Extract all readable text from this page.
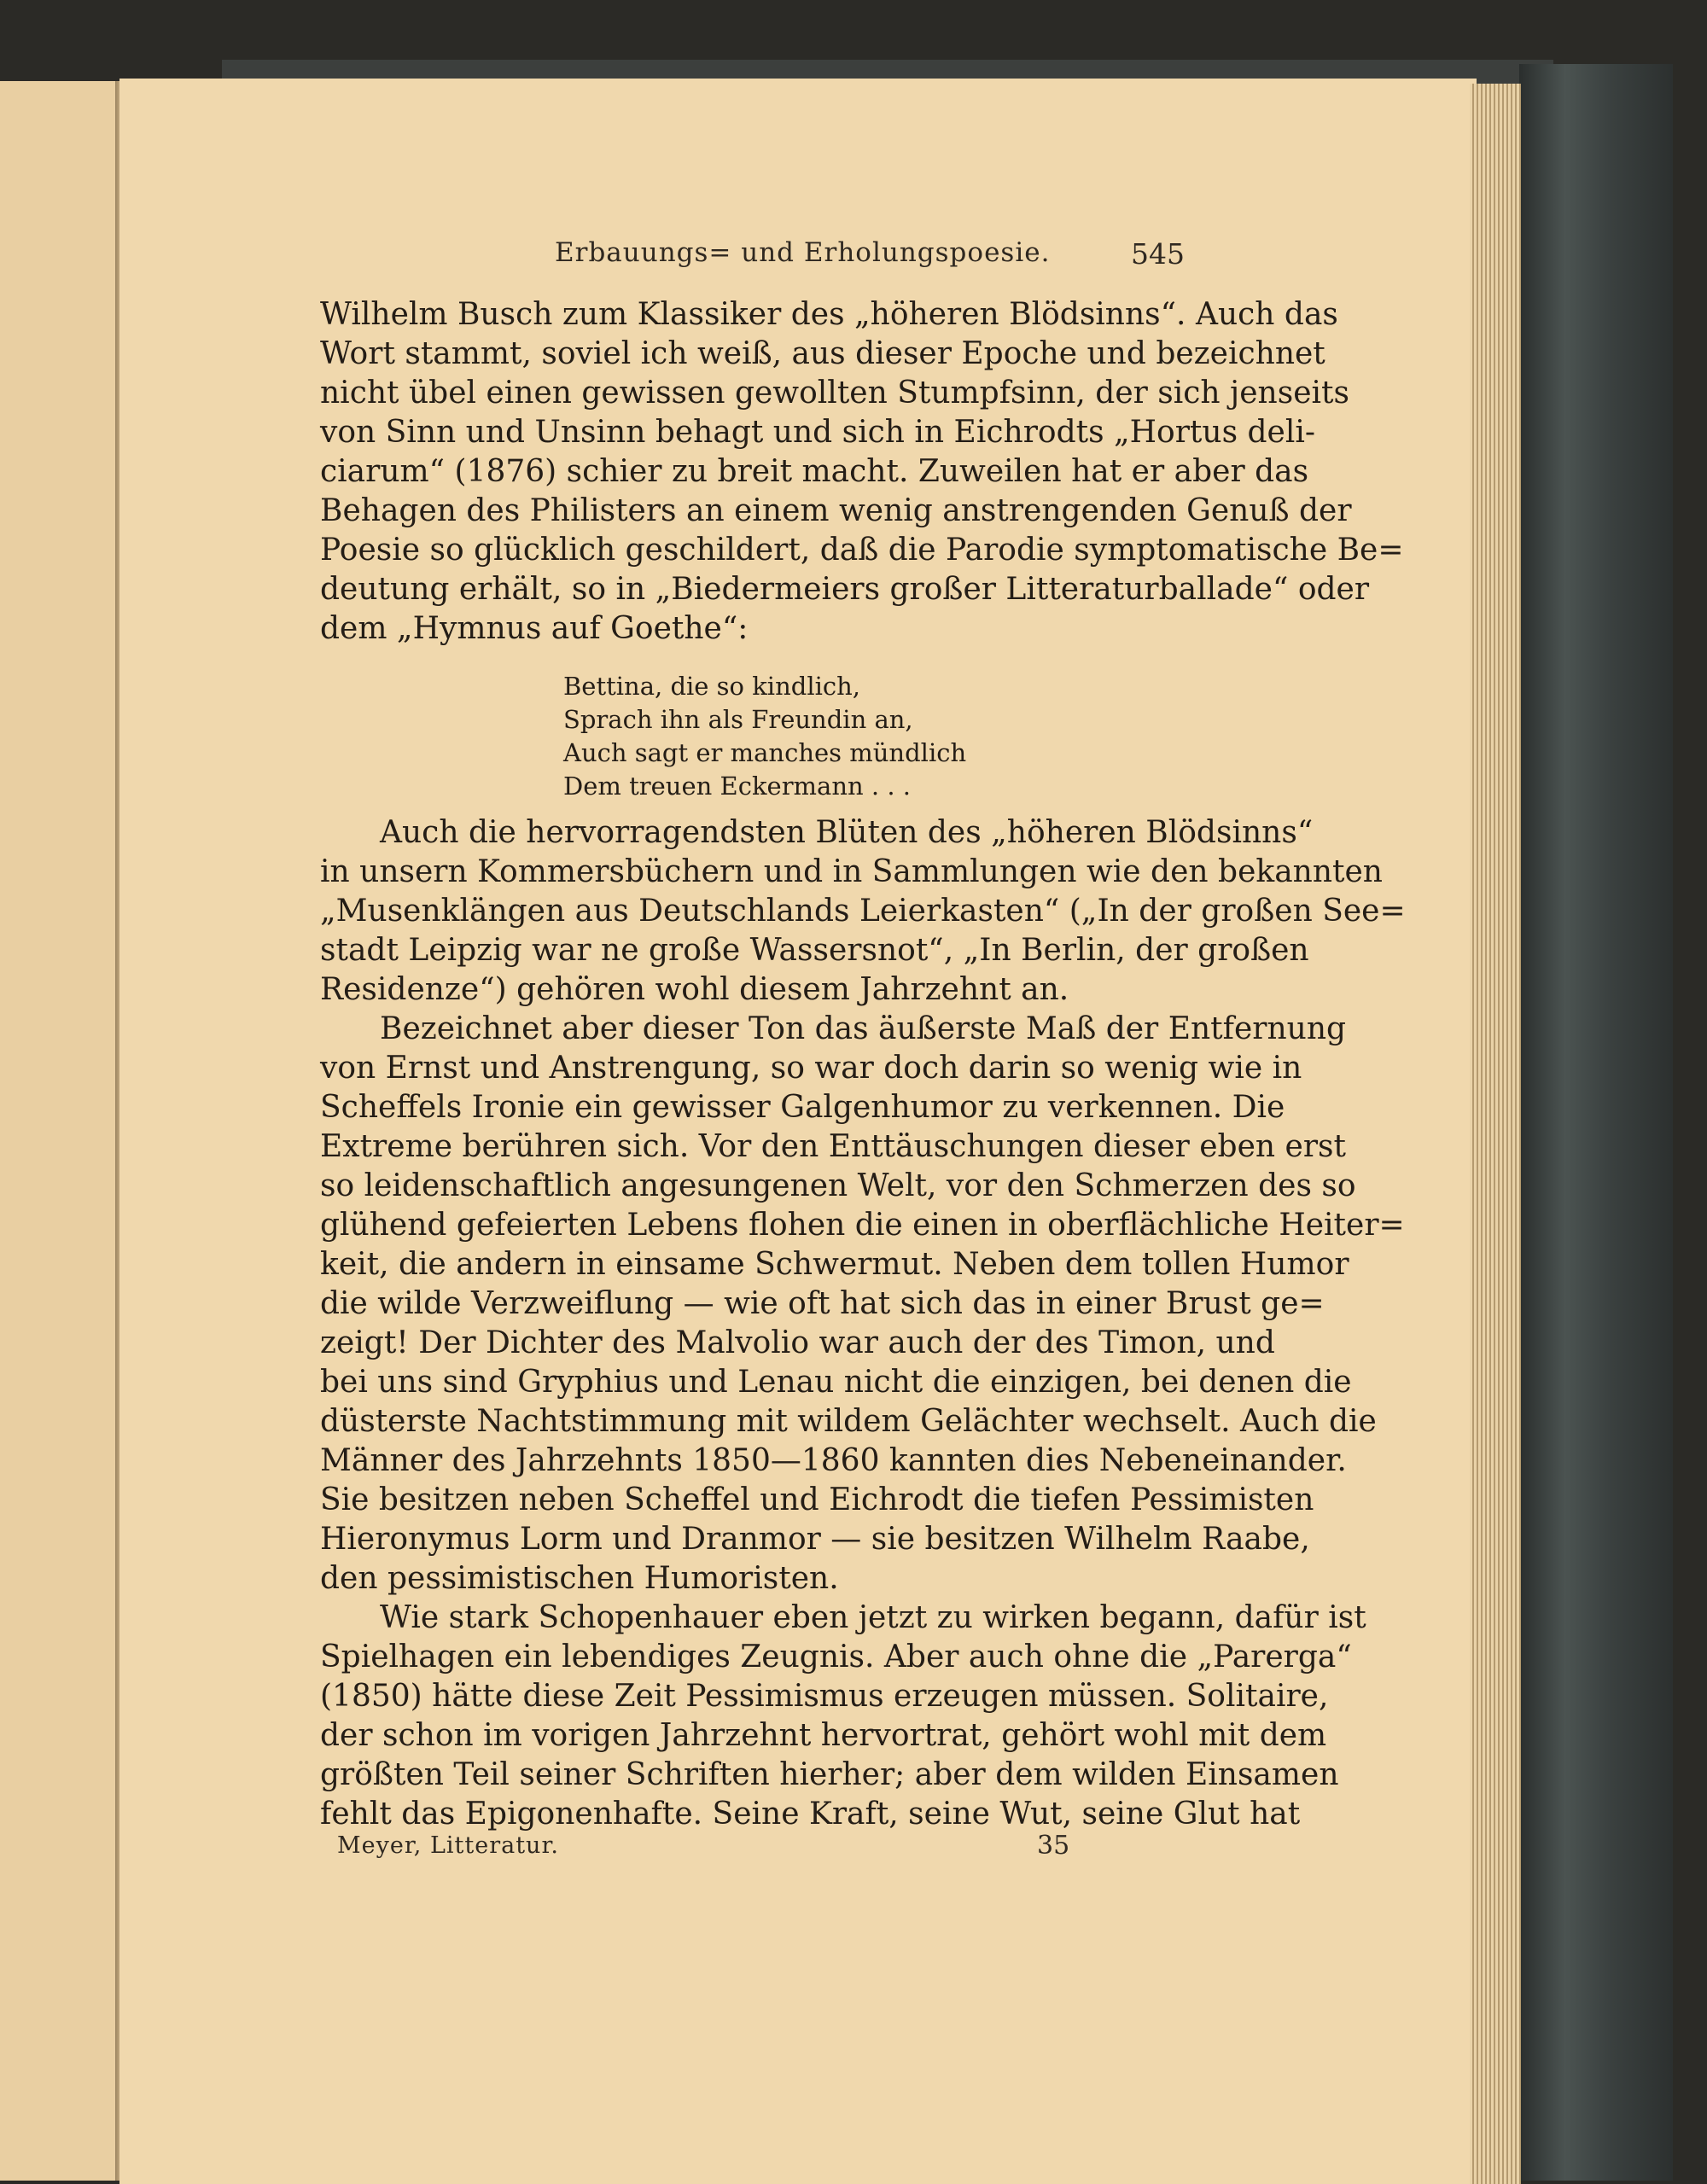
Erbauungs= und Erholungspoesie.	545
Wilhelm Busch zum Klassiker des „höheren Blödsinns“. Auch das
Wort stammt, soviel ich weiß, aus dieser Epoche und bezeichnet
nicht übel einen gewissen gewollten Stumpfsinn, der sich jenseits
von Sinn und Unsinn behagt und sich in Eichrodts „Hortus deli-
ciarum“ (1876) schier zu breit macht. Zuweilen hat er aber das
Behagen des Philisters an einem wenig anstrengenden Genuß der
Poesie so glücklich geschildert, daß die Parodie symptomatische Be=
deutung erhält, so in „Biedermeiers großer Litteraturballade“ oder
dem „Hymnus auf Goethe“:
Bettina, die so kindlich,
Sprach ihn als Freundin an,
Auch sagt er manches mündlich
Dem treuen Eckermann . . .
Auch die hervorragendsten Blüten des „höheren Blödsinns“
in unsern Kommersbüchern und in Sammlungen wie den bekannten
„Musenklängen aus Deutschlands Leierkasten“ („In der großen See=
stadt Leipzig war ne große Wassersnot“, „In Berlin, der großen
Residenze“) gehören wohl diesem Jahrzehnt an.
Bezeichnet aber dieser Ton das äußerste Maß der Entfernung
von Ernst und Anstrengung, so war doch darin so wenig wie in
Scheffels Ironie ein gewisser Galgenhumor zu verkennen. Die
Extreme berühren sich. Vor den Enttäuschungen dieser eben erst
so leidenschaftlich angesungenen Welt, vor den Schmerzen des so
glühend gefeierten Lebens flohen die einen in oberflächliche Heiter=
keit, die andern in einsame Schwermut. Neben dem tollen Humor
die wilde Verzweiflung — wie oft hat sich das in einer Brust ge=
zeigt! Der Dichter des Malvolio war auch der des Timon, und
bei uns sind Gryphius und Lenau nicht die einzigen, bei denen die
düsterste Nachtstimmung mit wildem Gelächter wechselt. Auch die
Männer des Jahrzehnts 1850—1860 kannten dies Nebeneinander.
Sie besitzen neben Scheffel und Eichrodt die tiefen Pessimisten
Hieronymus Lorm und Dranmor — sie besitzen Wilhelm Raabe,
den pessimistischen Humoristen.
Wie stark Schopenhauer eben jetzt zu wirken begann, dafür ist
Spielhagen ein lebendiges Zeugnis. Aber auch ohne die „Parerga“
(1850) hätte diese Zeit Pessimismus erzeugen müssen. Solitaire,
der schon im vorigen Jahrzehnt hervortrat, gehört wohl mit dem
größten Teil seiner Schriften hierher; aber dem wilden Einsamen
fehlt das Epigonenhafte. Seine Kraft, seine Wut, seine Glut hat
Meyer, Litteratur.	35
